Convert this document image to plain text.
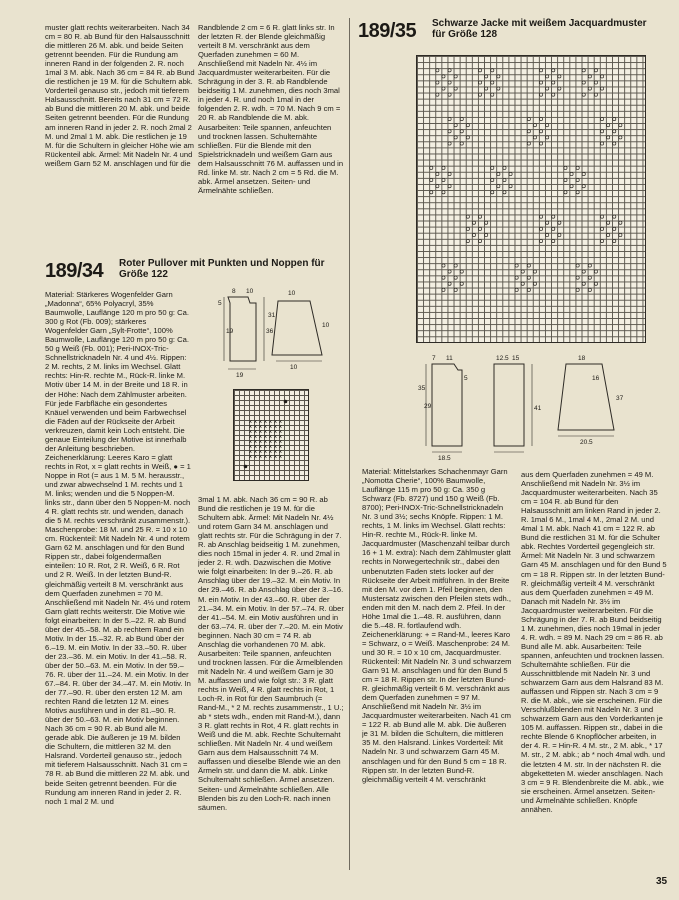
muster glatt rechts weiterarbeiten. Nach 34 cm = 80 R. ab Bund für den Halsausschnitt die mittleren 26 M. abk. und beide Seiten getrennt beenden. Für die Rundung am inneren Rand in der folgenden 2. R. noch 1mal 3 M. abk. Nach 36 cm = 84 R. ab Bund die restlichen je 19 M. für die Schultern abk. Vorderteil genauso str., jedoch mit tieferem Halsausschnitt. Bereits nach 31 cm = 72 R. ab Bund die mittleren 20 M. abk. und beide Seiten getrennt beenden. Für die Rundung am inneren Rand in jeder 2. R. noch 2mal 2 M. und 2mal 1 M. abk. Die restlichen je 19 M. für die Schultern in gleicher Höhe wie am Rückenteil abk. Ärmel: Mit Nadeln Nr. 4 und weißem Garn 52 M. anschlagen und für die

Randblende 2 cm = 6 R. glatt links str. In der letzten R. der Blende gleichmäßig verteilt 8 M. verschränkt aus dem Querfaden zunehmen = 60 M. Anschließend mit Nadeln Nr. 4½ im Jacquardmuster weiterarbeiten. Für die Schrägung in der 3. R. ab Randblende beidseitig 1 M. zunehmen, dies noch 3mal in jeder 4. R. und noch 1mal in der folgenden 2. R. wdh. = 70 M. Nach 9 cm = 20 R. ab Randblende die M. abk. Ausarbeiten: Teile spannen, anfeuchten und trocknen lassen. Schulternähte schließen. Für die Blende mit den Spielstricknadeln und weißem Garn aus dem Halsausschnitt 76 M. auffassen und in Rd. linke M. str. Nach 2 cm = 5 Rd. die M. abk. Ärmel ansetzen. Seiten- und Ärmelnähte schließen.

189/35 Schwarze Jacke mit weißem Jacquardmuster für Größe 128
189/34 Roter Pullover mit Punkten und Noppen für Größe 122

Material: Stärkeres Wogenfelder Garn „Madonna“, 65% Polyacryl, 35% Baumwolle, Lauflänge 120 m pro 50 g: Ca. 300 g Rot (Fb. 009); stärkeres Wogenfelder Garn „Sylt-Frotte“, 100% Baumwolle, Lauflänge 120 m pro 50 g: Ca. 50 g Weiß (Fb. 001); Peri-INOX-Tric-Schnellstricknadeln Nr. 4 und 4½. Rippen: 2 M. rechts, 2 M. links im Wechsel. Glatt rechts: Hin-R. rechte M., Rück-R. linke M. Motiv über 14 M. in der Breite und 18 R. in der Höhe: Nach dem Zählmuster arbeiten. Für jede Farbfläche ein gesondertes Knäuel verwenden und beim Farbwechsel die Fäden auf der Rückseite der Arbeit verkreuzen, damit kein Loch entsteht. Die genaue Einteilung der Motive ist innerhalb der Anleitung beschrieben. Zeichenerklärung: Leeres Karo = glatt rechts in Rot, x = glatt rechts in Weiß, ● = 1 Noppe in Rot (= aus 1 M. 5 M. herausstr., und zwar abwechselnd 1 M. rechts und 1 M. links; wenden und die 5 Noppen-M. links str., dann über den 5 Noppen-M. noch 4 R. glatt rechts str. und wenden, danach die 5 M. rechts verschränkt zusammenstr.). Maschenprobe: 18 M. und 25 R. = 10 x 10 cm. Rückenteil: Mit Nadeln Nr. 4 und rotem Garn 62 M. anschlagen und für den Bund Rippen str., dabei folgendermaßen einteilen: 10 R. Rot, 2 R. Weiß, 6 R. Rot und 2 R. Weiß. In der letzten Bund-R. gleichmäßig verteilt 8 M. verschränkt aus dem Querfaden zunehmen = 70 M. Anschließend mit Nadeln Nr. 4½ und rotem Garn glatt rechts weiterstr. Die Motive wie folgt einarbeiten: In der 5.–22. R. ab Bund über der 45.–58. M. ab rechtem Rand ein Motiv. In der 15.–32. R. ab Bund über der 6.–19. M. ein Motiv. In der 33.–50. R. über der 23.–36. M. ein Motiv. In der 41.–58. R. über der 50.–63. M. ein Motiv. In der 59.–76. R. über der 11.–24. M. ein Motiv. In der 67.–84. R. über der 34.–47. M. ein Motiv. In der 77.–90. R. über den ersten 12 M. am rechten Rand die letzten 12 M. eines Motivs ausführen und in der 81.–90. R. über der 50.–63. M. ein Motiv beginnen. Nach 36 cm = 90 R. ab Bund alle M. gerade abk. Die äußeren je 19 M. bilden die Schultern, die mittleren 32 M. den Halsrand. Vorderteil genauso str., jedoch mit tieferem Halsausschnitt. Nach 31 cm = 78 R. ab Bund die mittleren 22 M. abk. und beide Seiten getrennt beenden. Für die Rundung am inneren Rand in jeder 2. R. noch 1 mal 2 M. und

8 10
19
5
36
10
31
19
10
10
x
x
x
x
x
x
x
x
x
x
x
x
x
x
x
x
x
x
x
x
x
x
x
x
x
x
x
x
x
x
x
x
x
x
x
x
x
x
x
x
x
x
x
x
x
x
x
x
x
x
x
x
x
x
x
x

3mal 1 M. abk. Nach 36 cm = 90 R. ab Bund die restlichen je 19 M. für die Schultern abk. Ärmel: Mit Nadeln Nr. 4½ und rotem Garn 34 M. anschlagen und glatt rechts str. Für die Schrägung in der 7. R. ab Anschlag beidseitig 1 M. zunehmen, dies noch 15mal in jeder 4. R. und 2mal in jeder 2. R. wdh. Dazwischen die Motive wie folgt einarbeiten: In der 9.–26. R. ab Anschlag über der 19.–32. M. ein Motiv. In der 29.–46. R. ab Anschlag über der 3.–16. M. ein Motiv. In der 43.–60. R. über der 21.–34. M. ein Motiv. In der 57.–74. R. über der 41.–54. M. ein Motiv ausführen und in der 63.–74. R. über der 7.–20. M. ein Motiv beginnen. Nach 30 cm = 74 R. ab Anschlag die vorhandenen 70 M. abk. Ausarbeiten: Teile spannen, anfeuchten und trocknen lassen. Für die Ärmelblenden mit Nadeln Nr. 4 und weißem Garn je 30 M. auffassen und wie folgt str.: 3 R. glatt rechts in Weiß, 4 R. glatt rechts in Rot, 1 Loch-R. in Rot für den Saumbruch (= Rand-M., * 2 M. rechts zusammenstr., 1 U.; ab * stets wdh., enden mit Rand-M.), dann 3 R. glatt rechts in Rot, 4 R. glatt rechts in Weiß und die M. abk. Rechte Schulternaht schließen. Mit Nadeln Nr. 4 und weißem Garn aus dem Halsausschnitt 74 M. auffassen und dieselbe Blende wie an den Ärmeln str. und dann die M. abk. Linke Schulternaht schließen. Ärmel ansetzen. Seiten- und Ärmelnähte schließen. Alle Blenden bis zu den Loch-R. nach innen säumen.

7	12.5 15
11
5
29	41
35
18.5
18
16
20.5
37

Material: Mittelstarkes Schachenmayr Garn „Nomotta Cherie“, 100% Baumwolle, Lauflänge 115 m pro 50 g: Ca. 350 g Schwarz (Fb. 8727) und 150 g Weiß (Fb. 8700); Peri-INOX-Tric-Schnellstricknadeln Nr. 3 und 3½; sechs Knöpfe. Rippen: 1 M. rechts, 1 M. links im Wechsel. Glatt rechts: Hin-R. rechte M., Rück-R. linke M. Jacquardmuster (Maschenzahl teilbar durch 16 + 1 M. extra): Nach dem Zählmuster glatt rechts in Norwegertechnik str., dabei den unbenutzten Faden stets locker auf der Rückseite der Arbeit mitführen. In der Breite mit den M. vor dem 1. Pfeil beginnen, den Mustersatz zwischen den Pfeilen stets wdh., enden mit den M. nach dem 2. Pfeil. In der Höhe 1mal die 1.–48. R. ausführen, dann die 5.–48. R. fortlaufend wdh. Zeichenerklärung: + = Rand-M., leeres Karo = Schwarz, o = Weiß. Maschenprobe: 24 M. und 30 R. = 10 x 10 cm, Jacquardmuster. Rückenteil: Mit Nadeln Nr. 3 und schwarzem Garn 91 M. anschlagen und für den Bund 5 cm = 18 R. Rippen str. In der letzten Bund-R. gleichmäßig verteilt 6 M. verschränkt aus dem Querfaden zunehmen = 97 M. Anschließend mit Nadeln Nr. 3½ im Jacquardmuster weiterarbeiten. Nach 41 cm = 122 R. ab Bund alle M. abk. Die äußeren je 31 M. bilden die Schultern, die mittleren 35 M. den Halsrand. Linkes Vorderteil: Mit Nadeln Nr. 3 und schwarzem Garn 45 M. anschlagen und für den Bund 5 cm = 18 R. Rippen str. In der letzten Bund-R. gleichmäßig verteilt 4 M. verschränkt

aus dem Querfaden zunehmen = 49 M. Anschließend mit Nadeln Nr. 3½ im Jacquardmuster weiterarbeiten. Nach 35 cm = 104 R. ab Bund für den Halsausschnitt am linken Rand in jeder 2. R. 1mal 6 M., 1mal 4 M., 2mal 2 M. und 4mal 1 M. abk. Nach 41 cm = 122 R. ab Bund die restlichen 31 M. für die Schulter abk. Rechtes Vorderteil gegengleich str. Ärmel: Mit Nadeln Nr. 3 und schwarzem Garn 45 M. anschlagen und für den Bund 5 cm = 18 R. Rippen str. In der letzten Bund-R. gleichmäßig verteilt 4 M. verschränkt aus dem Querfaden zunehmen = 49 M. Danach mit Nadeln Nr. 3½ im Jacquardmuster weiterarbeiten. Für die Schrägung in der 7. R. ab Bund beidseitig 1 M. zunehmen, dies noch 19mal in jeder 4. R. wdh. = 89 M. Nach 29 cm = 86 R. ab Bund alle M. abk. Ausarbeiten: Teile spannen, anfeuchten und trocknen lassen. Schulternähte schließen. Für die Ausschnittblende mit Nadeln Nr. 3 und schwarzem Garn aus dem Halsrand 83 M. auffassen und Rippen str. Nach 3 cm = 9 R. die M. abk., wie sie erscheinen. Für die Verschlußblenden mit Nadeln Nr. 3 und schwarzem Garn aus den Vorderkanten je 105 M. auffassen. Rippen str., dabei in die rechte Blende 6 Knopflöcher arbeiten, in der 4. R. = Hin-R. 4 M. str., 2 M. abk., * 17 M. str., 2 M. abk.; ab * noch 4mal wdh. und die letzten 4 M. str. In der nächsten R. die abgeketteten M. wieder anschlagen. Nach 3 cm = 9 R. Blendenbreite die M. abk., wie sie erscheinen. Ärmel ansetzen. Seiten- und Ärmelnähte schließen. Knöpfe annähen.

35
